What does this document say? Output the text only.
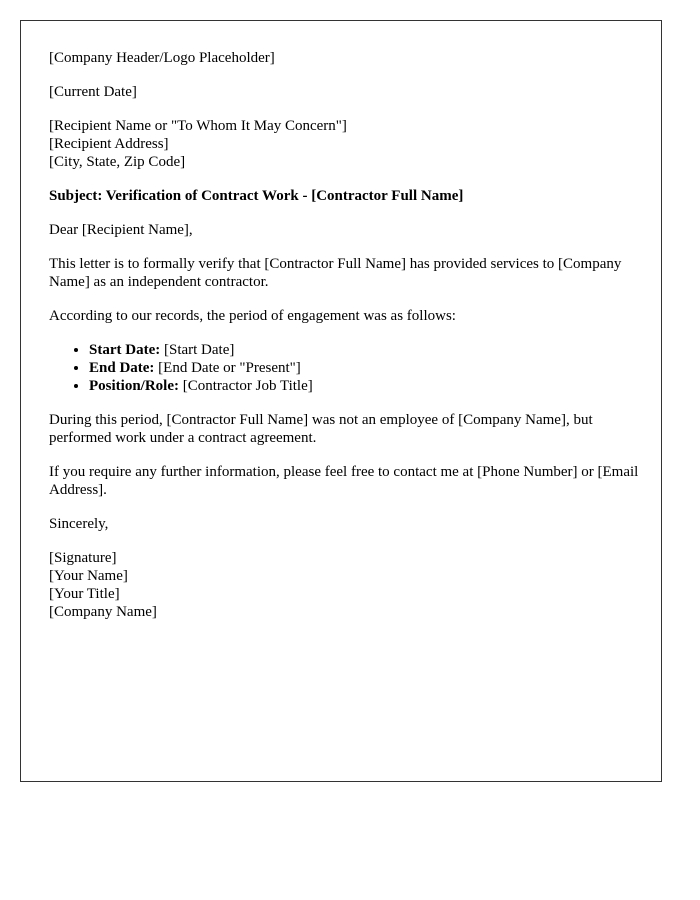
[Company Header/Logo Placeholder]

[Current Date]

[Recipient Name or "To Whom It May Concern"]
[Recipient Address]
[City, State, Zip Code]

Subject: Verification of Contract Work - [Contractor Full Name]

Dear [Recipient Name],

This letter is to formally verify that [Contractor Full Name] has provided services to [Company Name] as an independent contractor.

According to our records, the period of engagement was as follows:

• Start Date: [Start Date]
• End Date: [End Date or "Present"]
• Position/Role: [Contractor Job Title]

During this period, [Contractor Full Name] was not an employee of [Company Name], but performed work under a contract agreement.

If you require any further information, please feel free to contact me at [Phone Number] or [Email Address].

Sincerely,

[Signature]
[Your Name]
[Your Title]
[Company Name]
